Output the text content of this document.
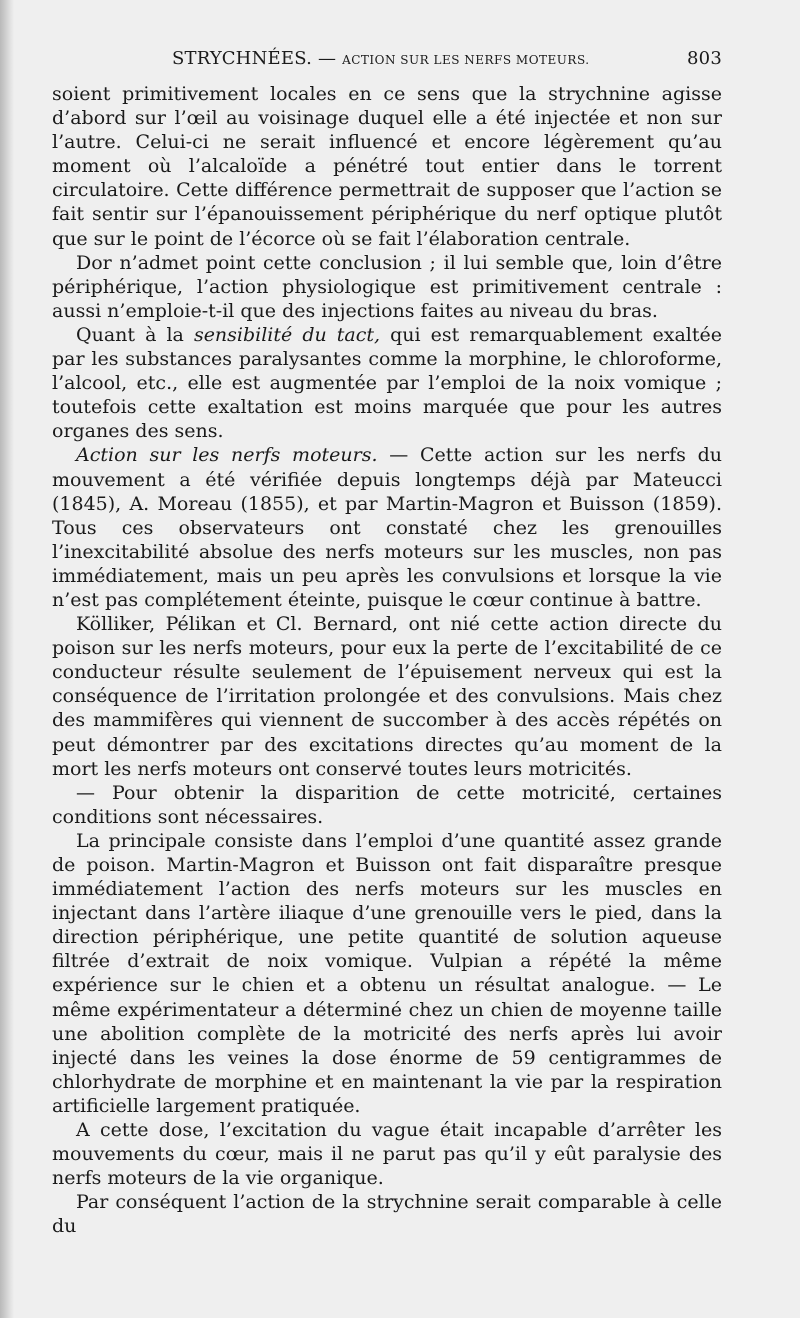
STRYCHNÉES. — ACTION SUR LES NERFS MOTEURS.	803

soient primitivement locales en ce sens que la strychnine agisse d’abord sur l’œil au voisinage duquel elle a été injectée et non sur l’autre. Celui-ci ne serait influencé et encore légèrement qu’au moment où l’alcaloïde a pénétré tout entier dans le torrent circulatoire. Cette différence permettrait de supposer que l’action se fait sentir sur l’épanouissement périphérique du nerf optique plutôt que sur le point de l’écorce où se fait l’élaboration centrale.

Dor n’admet point cette conclusion ; il lui semble que, loin d’être périphérique, l’action physiologique est primitivement centrale : aussi n’emploie-t-il que des injections faites au niveau du bras.

Quant à la sensibilité du tact, qui est remarquablement exaltée par les substances paralysantes comme la morphine, le chloroforme, l’alcool, etc., elle est augmentée par l’emploi de la noix vomique ; toutefois cette exaltation est moins marquée que pour les autres organes des sens.

Action sur les nerfs moteurs. — Cette action sur les nerfs du mouvement a été vérifiée depuis longtemps déjà par Mateucci (1845), A. Moreau (1855), et par Martin-Magron et Buisson (1859). Tous ces observateurs ont constaté chez les grenouilles l’inexcitabilité absolue des nerfs moteurs sur les muscles, non pas immédiatement, mais un peu après les convulsions et lorsque la vie n’est pas complétement éteinte, puisque le cœur continue à battre.

Kölliker, Pélikan et Cl. Bernard, ont nié cette action directe du poison sur les nerfs moteurs, pour eux la perte de l’excitabilité de ce conducteur résulte seulement de l’épuisement nerveux qui est la conséquence de l’irritation prolongée et des convulsions. Mais chez des mammifères qui viennent de succomber à des accès répétés on peut démontrer par des excitations directes qu’au moment de la mort les nerfs moteurs ont conservé toutes leurs motricités.

— Pour obtenir la disparition de cette motricité, certaines conditions sont nécessaires.

La principale consiste dans l’emploi d’une quantité assez grande de poison. Martin-Magron et Buisson ont fait disparaître presque immédiatement l’action des nerfs moteurs sur les muscles en injectant dans l’artère iliaque d’une grenouille vers le pied, dans la direction périphérique, une petite quantité de solution aqueuse filtrée d’extrait de noix vomique. Vulpian a répété la même expérience sur le chien et a obtenu un résultat analogue. — Le même expérimentateur a déterminé chez un chien de moyenne taille une abolition complète de la motricité des nerfs après lui avoir injecté dans les veines la dose énorme de 59 centigrammes de chlorhydrate de morphine et en maintenant la vie par la respiration artificielle largement pratiquée.

A cette dose, l’excitation du vague était incapable d’arrêter les mouvements du cœur, mais il ne parut pas qu’il y eût paralysie des nerfs moteurs de la vie organique.

Par conséquent l’action de la strychnine serait comparable à celle du
